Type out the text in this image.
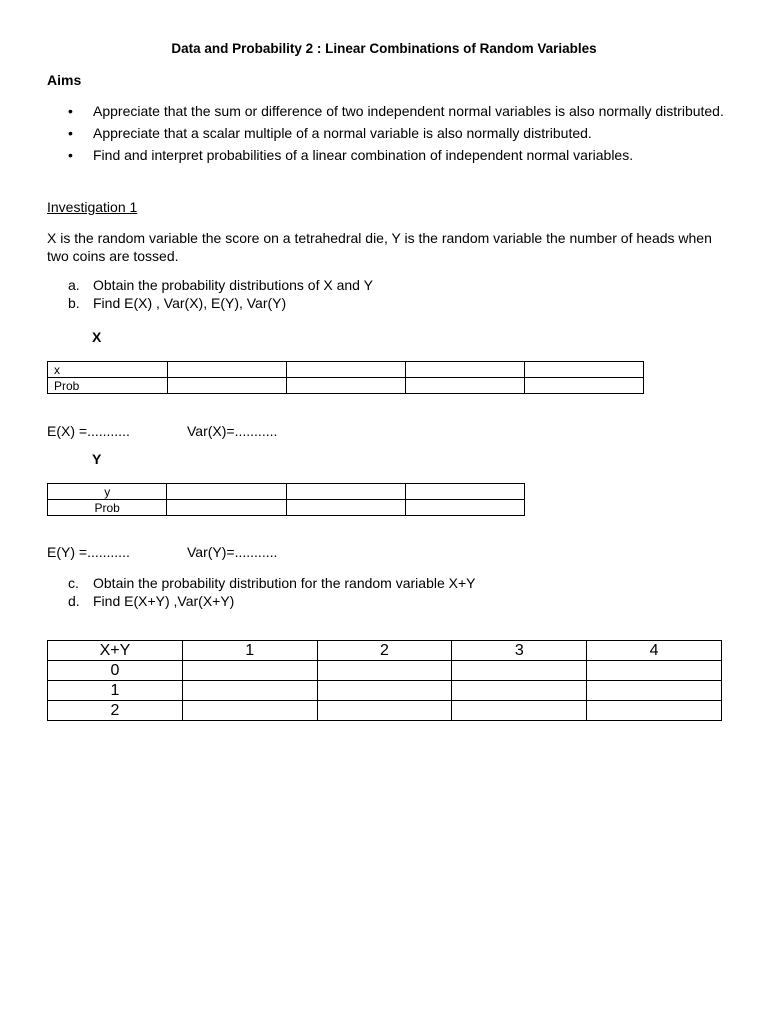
Data and Probability 2 : Linear Combinations of Random Variables
Aims
• Appreciate that the sum or difference of two independent normal variables is also normally distributed.
• Appreciate that a scalar multiple of a normal variable is also normally distributed.
• Find and interpret probabilities of a linear combination of independent normal variables.
Investigation 1
X is the random variable the score on a tetrahedral die, Y is the random variable the number of heads when two coins are tossed.
a. Obtain the probability distributions of X and Y
b. Find E(X) , Var(X), E(Y), Var(Y)
X
x				
Prob				
E(X) =...........	Var(X)=...........
Y
y			
Prob			
E(Y) =...........	Var(Y)=...........
c. Obtain the probability distribution for the random variable X+Y
d. Find E(X+Y) ,Var(X+Y)
X+Y	1	2	3	4
0				
1				
2				
